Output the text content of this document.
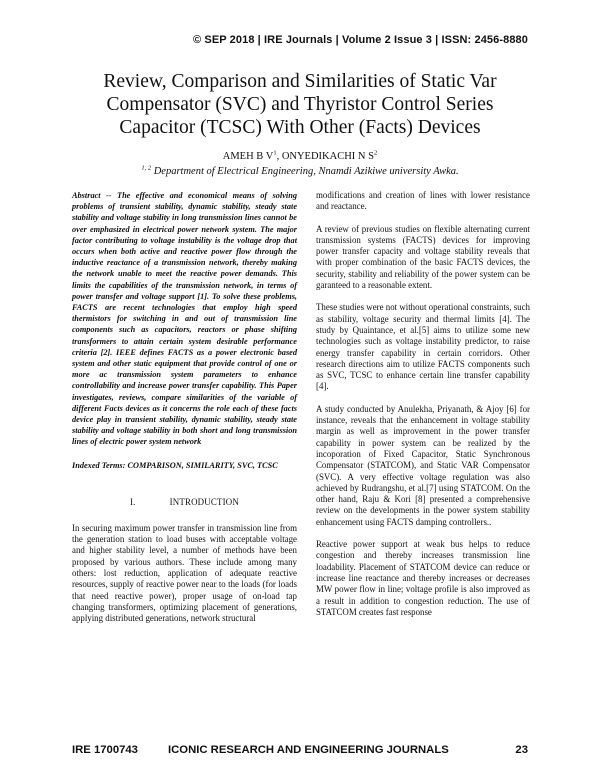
© SEP 2018 | IRE Journals | Volume 2 Issue 3 | ISSN: 2456-8880
Review, Comparison and Similarities of Static Var
Compensator (SVC) and Thyristor Control Series
Capacitor (TCSC) With Other (Facts) Devices
AMEH B $V^1$, ONYEDIKACHI N $S^2$
$^{1, 2}$ Department of Electrical Engineering, Nnamdi Azikiwe university Awka.

Abstract -- The effective and economical means of solving problems of transient stability, dynamic stability, steady state stability and voltage stability in long transmission lines cannot be over emphasized in electrical power network system. The major factor contributing to voltage instability is the voltage drop that occurs when both active and reactive power flow through the inductive reactance of a transmission network, thereby making the network unable to meet the reactive power demands. This limits the capabilities of the transmission network, in terms of power transfer and voltage support [1]. To solve these problems, FACTS are recent technologies that employ high speed thermistors for switching in and out of transmission line components such as capacitors, reactors or phase shifting transformers to attain certain system desirable performance criteria [2]. IEEE defines FACTS as a power electronic based system and other static equipment that provide control of one or more ac transmission system parameters to enhance controllability and increase power transfer capability. This Paper investigates, reviews, compare similarities of the variable of different Facts devices as it concerns the role each of these facts device play in transient stability, dynamic stability, steady state stability and voltage stability in both short and long transmission lines of electric power system network

Indexed Terms: COMPARISON, SIMILARITY, SVC, TCSC

I.	INTRODUCTION

In securing maximum power transfer in transmission line from the generation station to load buses with acceptable voltage and higher stability level, a number of methods have been proposed by various authors. These include among many others: lost reduction, application of adequate reactive resources, supply of reactive power near to the loads (for loads that need reactive power), proper usage of on-load tap changing transformers, optimizing placement of generations, applying distributed generations, network structural

modifications and creation of lines with lower resistance and reactance.

A review of previous studies on flexible alternating current transmission systems (FACTS) devices for improving power transfer capacity and voltage stability reveals that with proper combination of the basic FACTS devices, the security, stability and reliability of the power system can be garanteed to a reasonable extent.

These studies were not without operational constraints, such as stability, voltage security and thermal limits [4]. The study by Quaintance, et al.[5] aims to utilize some new technologies such as voltage instability predictor, to raise energy transfer capability in certain corridors. Other research directions aim to utilize FACTS components such as SVC, TCSC to enhance certain line transfer capability [4].

A study conducted by Anulekha, Priyanath, & Ajoy [6] for instance, reveals that the enhancement in voltage stability margin as well as improvement in the power transfer capability in power system can be realized by the incoporation of Fixed Capacitor, Static Synchronous Compensator (STATCOM), and Static VAR Compensator (SVC). A very effective voltage regulation was also achieved by Rudrangshu, et al.[7] using STATCOM. On the other hand, Raju & Kori [8] presented a comprehensive review on the developments in the power system stability enhancement using FACTS damping controllers..

Reactive power support at weak bus helps to reduce congestion and thereby increases transmission line loadability. Placement of STATCOM device can reduce or increase line reactance and thereby increases or decreases MW power flow in line; voltage profile is also improved as a result in addition to congestion reduction. The use of STATCOM creates fast response

IRE 1700743	ICONIC RESEARCH AND ENGINEERING JOURNALS	23
